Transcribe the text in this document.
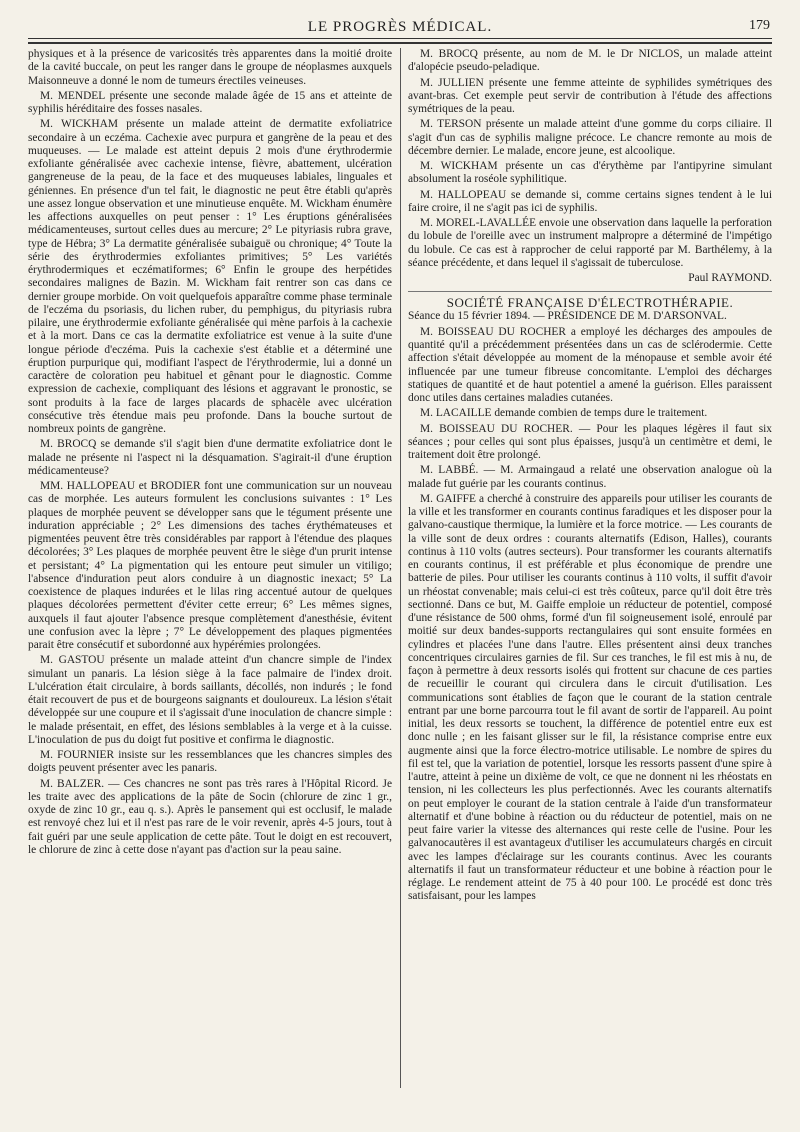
LE PROGRÈS MÉDICAL.	179

physiques et à la présence de varicosités très apparentes dans la moitié droite de la cavité buccale, on peut les ranger dans le groupe de néoplasmes auxquels Maisonneuve a donné le nom de tumeurs érectiles veineuses.

M. MENDEL présente une seconde malade âgée de 15 ans et atteinte de syphilis héréditaire des fosses nasales.

M. WICKHAM présente un malade atteint de dermatite exfoliatrice secondaire à un eczéma. Cachexie avec purpura et gangrène de la peau et des muqueuses. — Le malade est atteint depuis 2 mois d'une érythrodermie exfoliante généralisée avec cachexie intense, fièvre, abattement, ulcération gangreneuse de la peau, de la face et des muqueuses labiales, linguales et géniennes. En présence d'un tel fait, le diagnostic ne peut être établi qu'après une assez longue observation et une minutieuse enquête. M. Wickham énumère les affections auxquelles on peut penser : 1° Les éruptions généralisées médicamenteuses, surtout celles dues au mercure; 2° Le pityriasis rubra grave, type de Hébra; 3° La dermatite généralisée subaiguë ou chronique; 4° Toute la série des érythrodermies exfoliantes primitives; 5° Les variétés érythrodermiques et eczématiformes; 6° Enfin le groupe des herpétides secondaires malignes de Bazin. M. Wickham fait rentrer son cas dans ce dernier groupe morbide. On voit quelquefois apparaître comme phase terminale de l'eczéma du psoriasis, du lichen ruber, du pemphigus, du pityriasis rubra pilaire, une érythrodermie exfoliante généralisée qui mène parfois à la cachexie et à la mort. Dans ce cas la dermatite exfoliatrice est venue à la suite d'une longue période d'eczéma. Puis la cachexie s'est établie et a déterminé une éruption purpurique qui, modifiant l'aspect de l'érythrodermie, lui a donné un caractère de coloration peu habituel et gênant pour le diagnostic. Comme expression de cachexie, compliquant des lésions et aggravant le pronostic, se sont produits à la face de larges placards de sphacèle avec ulcération consécutive très étendue mais peu profonde. Dans la bouche surtout de nombreux points de gangrène.

M. BROCQ se demande s'il s'agit bien d'une dermatite exfoliatrice dont le malade ne présente ni l'aspect ni la désquamation. S'agirait-il d'une éruption médicamenteuse?

MM. HALLOPEAU et BRODIER font une communication sur un nouveau cas de morphée. Les auteurs formulent les conclusions suivantes : 1° Les plaques de morphée peuvent se développer sans que le tégument présente une induration appréciable ; 2° Les dimensions des taches érythémateuses et pigmentées peuvent être très considérables par rapport à l'étendue des plaques décolorées; 3° Les plaques de morphée peuvent être le siège d'un prurit intense et persistant; 4° La pigmentation qui les entoure peut simuler un vitiligo; l'absence d'induration peut alors conduire à un diagnostic inexact; 5° La coexistence de plaques indurées et le lilas ring accentué autour de quelques plaques décolorées permettent d'éviter cette erreur; 6° Les mêmes signes, auxquels il faut ajouter l'absence presque complètement d'anesthésie, évitent une confusion avec la lèpre ; 7° Le développement des plaques pigmentées parait être consécutif et subordonné aux hypérémies prolongées.

M. GASTOU présente un malade atteint d'un chancre simple de l'index simulant un panaris. La lésion siège à la face palmaire de l'index droit. L'ulcération était circulaire, à bords saillants, décollés, non indurés ; le fond était recouvert de pus et de bourgeons saignants et douloureux. La lésion s'était développée sur une coupure et il s'agissait d'une inoculation de chancre simple : le malade présentait, en effet, des lésions semblables à la verge et à la cuisse. L'inoculation de pus du doigt fut positive et confirma le diagnostic.

M. FOURNIER insiste sur les ressemblances que les chancres simples des doigts peuvent présenter avec les panaris.

M. BALZER. — Ces chancres ne sont pas très rares à l'Hôpital Ricord. Je les traite avec des applications de la pâte de Socin (chlorure de zinc 1 gr., oxyde de zinc 10 gr., eau q. s.). Après le pansement qui est occlusif, le malade est renvoyé chez lui et il n'est pas rare de le voir revenir, après 4-5 jours, tout à fait guéri par une seule application de cette pâte. Tout le doigt en est recouvert, le chlorure de zinc à cette dose n'ayant pas d'action sur la peau saine.

M. BROCQ présente, au nom de M. le Dr NICLOS, un malade atteint d'alopécie pseudo-peladique.

M. JULLIEN présente une femme atteinte de syphilides symétriques des avant-bras. Cet exemple peut servir de contribution à l'étude des affections symétriques de la peau.

M. TERSON présente un malade atteint d'une gomme du corps ciliaire. Il s'agit d'un cas de syphilis maligne précoce. Le chancre remonte au mois de décembre dernier. Le malade, encore jeune, est alcoolique.

M. WICKHAM présente un cas d'érythème par l'antipyrine simulant absolument la roséole syphilitique.

M. HALLOPEAU se demande si, comme certains signes tendent à le lui faire croire, il ne s'agit pas ici de syphilis.

M. MOREL-LAVALLÉE envoie une observation dans laquelle la perforation du lobule de l'oreille avec un instrument malpropre a déterminé de l'impétigo du lobule. Ce cas est à rapprocher de celui rapporté par M. Barthélemy, à la séance précédente, et dans lequel il s'agissait de tuberculose.

Paul RAYMOND.
SOCIÉTÉ FRANÇAISE D'ÉLECTROTHÉRAPIE.
Séance du 15 février 1894. — PRÉSIDENCE DE M. D'ARSONVAL.

M. BOISSEAU DU ROCHER a employé les décharges des ampoules de quantité qu'il a précédemment présentées dans un cas de sclérodermie. Cette affection s'était développée au moment de la ménopause et semble avoir été influencée par une tumeur fibreuse concomitante. L'emploi des décharges statiques de quantité et de haut potentiel a amené la guérison. Elles paraissent donc utiles dans certaines maladies cutanées.

M. LACAILLE demande combien de temps dure le traitement.

M. BOISSEAU DU ROCHER. — Pour les plaques légères il faut six séances ; pour celles qui sont plus épaisses, jusqu'à un centimètre et demi, le traitement doit être prolongé.

M. LABBÉ. — M. Armaingaud a relaté une observation analogue où la malade fut guérie par les courants continus.

M. GAIFFE a cherché à construire des appareils pour utiliser les courants de la ville et les transformer en courants continus faradiques et les disposer pour la galvano-caustique thermique, la lumière et la force motrice. — Les courants de la ville sont de deux ordres : courants alternatifs (Edison, Halles), courants continus à 110 volts (autres secteurs). Pour transformer les courants alternatifs en courants continus, il est préférable et plus économique de prendre une batterie de piles. Pour utiliser les courants continus à 110 volts, il suffit d'avoir un rhéostat convenable; mais celui-ci est très coûteux, parce qu'il doit être très sectionné. Dans ce but, M. Gaiffe emploie un réducteur de potentiel, composé d'une résistance de 500 ohms, formé d'un fil soigneusement isolé, enroulé par moitié sur deux bandes-supports rectangulaires qui sont ensuite formées en cylindres et placées l'une dans l'autre. Elles présentent ainsi deux tranches concentriques circulaires garnies de fil. Sur ces tranches, le fil est mis à nu, de façon à permettre à deux ressorts isolés qui frottent sur chacune de ces parties de recueillir le courant qui circulera dans le circuit d'utilisation. Les communications sont établies de façon que le courant de la station centrale entrant par une borne parcourra tout le fil avant de sortir de l'appareil. Au point initial, les deux ressorts se touchent, la différence de potentiel entre eux est donc nulle ; en les faisant glisser sur le fil, la résistance comprise entre eux augmente ainsi que la force électro-motrice utilisable. Le nombre de spires du fil est tel, que la variation de potentiel, lorsque les ressorts passent d'une spire à l'autre, atteint à peine un dixième de volt, ce que ne donnent ni les rhéostats en tension, ni les collecteurs les plus perfectionnés. Avec les courants alternatifs on peut employer le courant de la station centrale à l'aide d'un transformateur alternatif et d'une bobine à réaction ou du réducteur de potentiel, mais on ne peut faire varier la vitesse des alternances qui reste celle de l'usine. Pour les galvanocautères il est avantageux d'utiliser les accumulateurs chargés en circuit avec les lampes d'éclairage sur les courants continus. Avec les courants alternatifs il faut un transformateur réducteur et une bobine à réaction pour le réglage. Le rendement atteint de 75 à 40 pour 100. Le procédé est donc très satisfaisant, pour les lampes
